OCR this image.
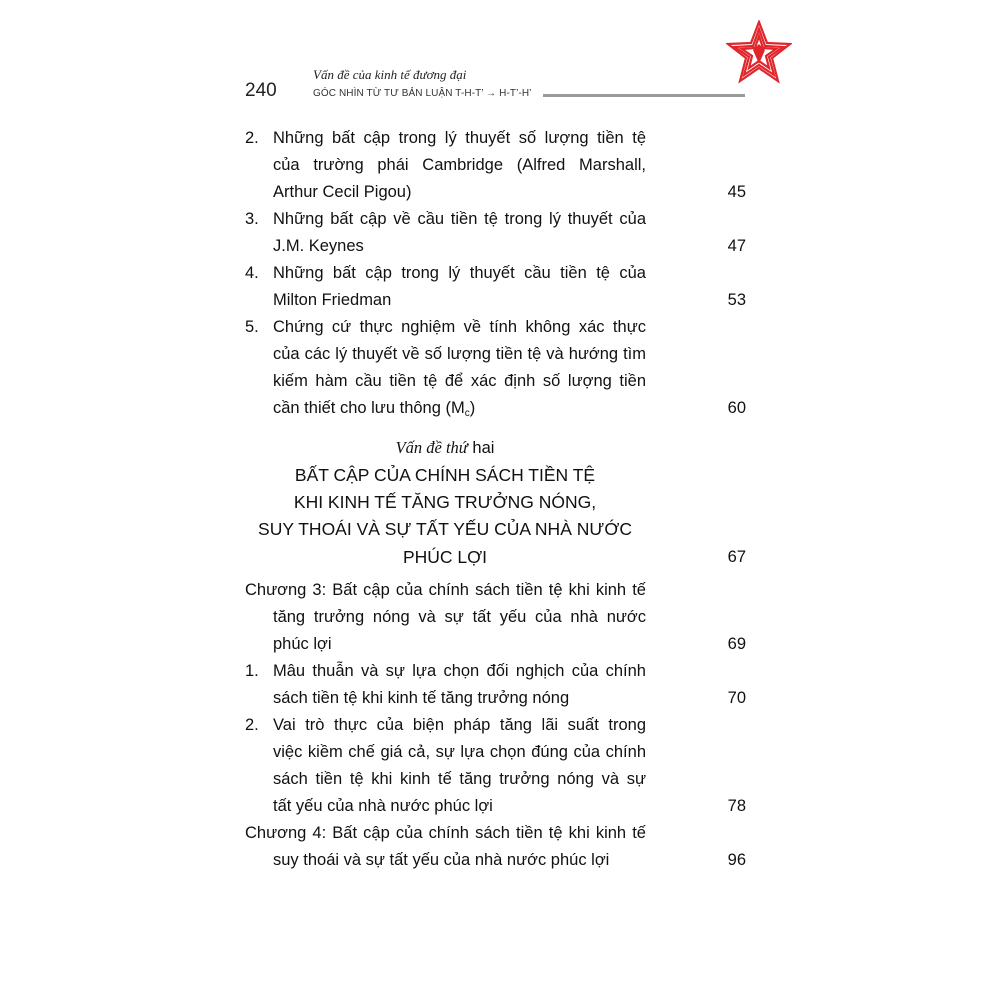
240
Vấn đề của kinh tế đương đại
GÓC NHÌN TỪ TƯ BẢN LUẬN T-H-T’ → H-T’-H’
2. Những bất cập trong lý thuyết số lượng tiền tệ
của trường phái Cambridge (Alfred Marshall,
Arthur Cecil Pigou)	45
3. Những bất cập về cầu tiền tệ trong lý thuyết của
J.M. Keynes	47
4. Những bất cập trong lý thuyết cầu tiền tệ của
Milton Friedman	53
5. Chứng cứ thực nghiệm về tính không xác thực
của các lý thuyết về số lượng tiền tệ và hướng tìm
kiếm hàm cầu tiền tệ để xác định số lượng tiền
cần thiết cho lưu thông $(M_c)$	60
Vấn đề thứ hai
BẤT CẬP CỦA CHÍNH SÁCH TIỀN TỆ
KHI KINH TẾ TĂNG TRƯỞNG NÓNG,
SUY THOÁI VÀ SỰ TẤT YẾU CỦA NHÀ NƯỚC
PHÚC LỢI	67
Chương 3: Bất cập của chính sách tiền tệ khi kinh tế
tăng trưởng nóng và sự tất yếu của nhà nước
phúc lợi	69
1. Mâu thuẫn và sự lựa chọn đối nghịch của chính
sách tiền tệ khi kinh tế tăng trưởng nóng	70
2. Vai trò thực của biện pháp tăng lãi suất trong
việc kiềm chế giá cả, sự lựa chọn đúng của chính
sách tiền tệ khi kinh tế tăng trưởng nóng và sự
tất yếu của nhà nước phúc lợi	78
Chương 4: Bất cập của chính sách tiền tệ khi kinh tế
suy thoái và sự tất yếu của nhà nước phúc lợi	96
